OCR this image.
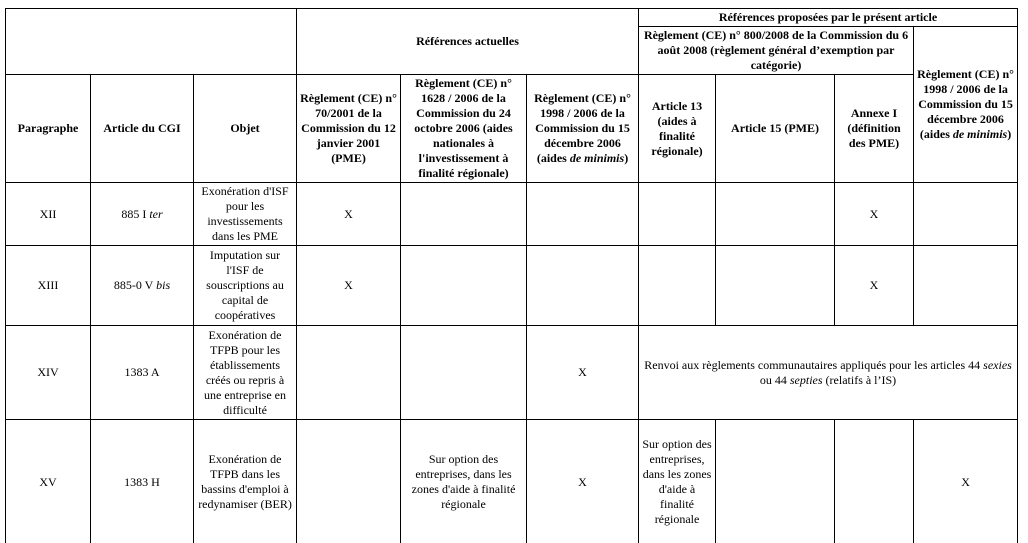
			Références actuelles			Références proposées par le présent article			
						Règlement (CE) n° 800/2008 de la Commission du 6 août 2008 (règlement général d’exemption par catégorie)			Règlement (CE) n° 1998 / 2006 de la Commission du 15 décembre 2006 (aides de minimis)
Paragraphe	Article du CGI	Objet	Règlement (CE) n° 70/2001 de la Commission du 12 janvier 2001 (PME)	Règlement (CE) n° 1628 / 2006 de la Commission du 24 octobre 2006 (aides nationales à l'investissement à finalité régionale)	Règlement (CE) n° 1998 / 2006 de la Commission du 15 décembre 2006 (aides de minimis)	Article 13 (aides à finalité régionale)	Article 15 (PME)	Annexe I (définition des PME)	
XII	885 I ter	Exonération d'ISF pour les investissements dans les PME	X					X	
XIII	885-0 V bis	Imputation sur l'ISF de souscriptions au capital de coopératives	X					X	
XIV	1383 A	Exonération de TFPB pour les établissements créés ou repris à une entreprise en difficulté			X	Renvoi aux règlements communautaires appliqués pour les articles 44 sexies ou 44 septies (relatifs à l’IS)			
XV	1383 H	Exonération de TFPB dans les bassins d'emploi à redynamiser (BER)		Sur option des entreprises, dans les zones d'aide à finalité régionale	X	Sur option des entreprises, dans les zones d'aide à finalité régionale			X
